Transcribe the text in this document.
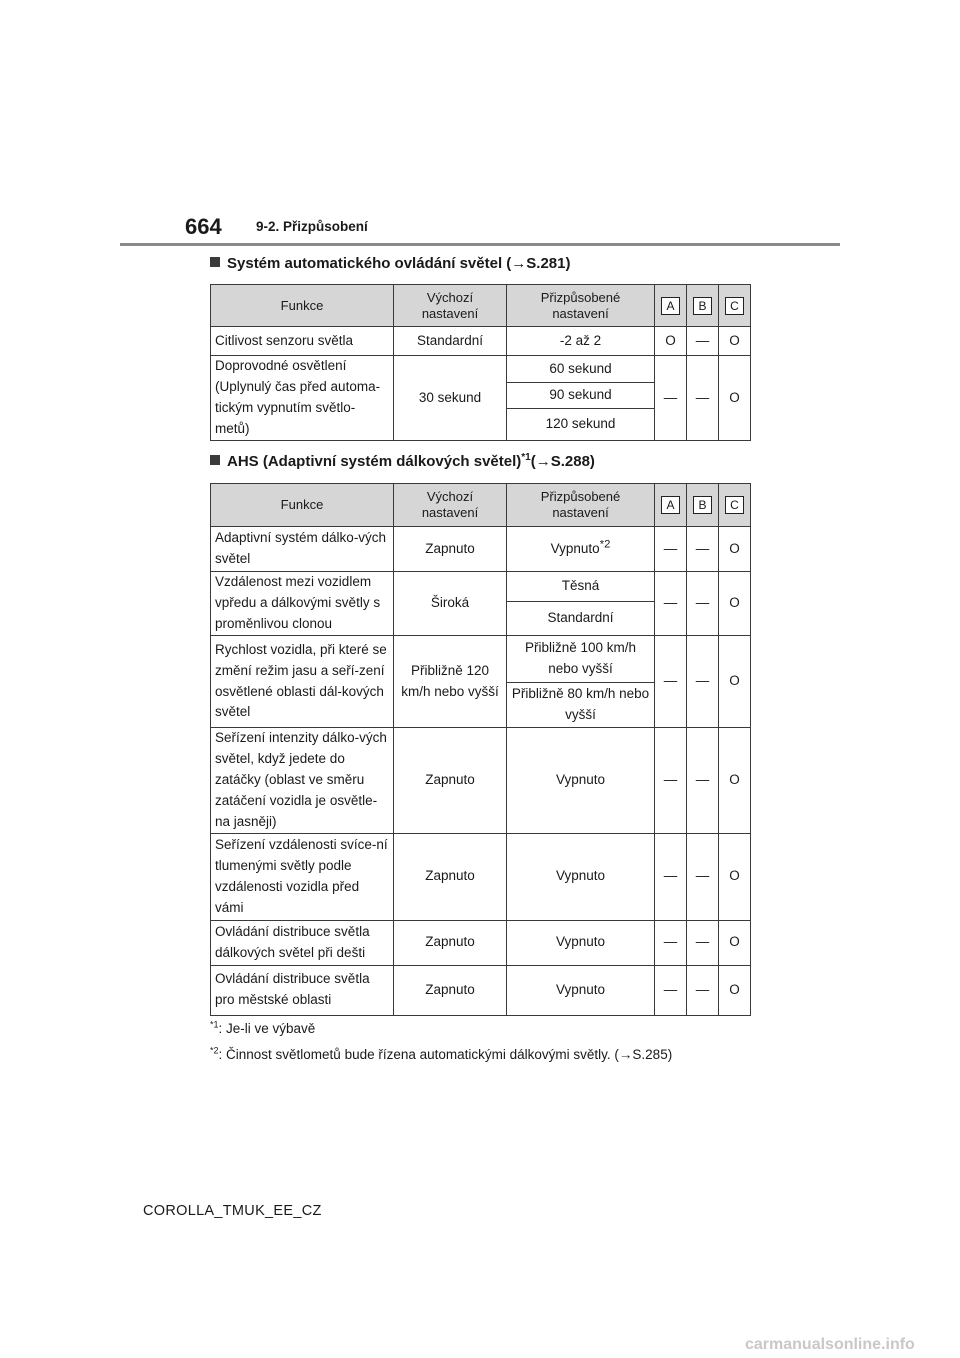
664	9-2. Přizpůsobení
Systém automatického ovládání světel (→S.281)
Funkce	Výchozí nastavení	Přizpůsobené nastavení	A	B	C
Citlivost senzoru světla	Standardní	-2 až 2	O	—	O
Doprovodné osvětlení (Uplynulý čas před automa-tickým vypnutím světlo-metů)	30 sekund	60 sekund	—	—	O
		90 sekund			
		120 sekund			
AHS (Adaptivní systém dálkových světel)$^{*1}$(→S.288)
Funkce	Výchozí nastavení	Přizpůsobené nastavení	A	B	C
Adaptivní systém dálko-vých světel	Zapnuto	Vypnuto$^{*2}$	—	—	O
Vzdálenost mezi vozidlem vpředu a dálkovými světly s proměnlivou clonou	Široká	Těsná	—	—	O
		Standardní			
Rychlost vozidla, při které se změní režim jasu a seří-zení osvětlené oblasti dál-kových světel	Přibližně 120 km/h nebo vyšší	Přibližně 100 km/h nebo vyšší	—	—	O
		Přibližně 80 km/h nebo vyšší			
Seřízení intenzity dálko-vých světel, když jedete do zatáčky (oblast ve směru zatáčení vozidla je osvětle-na jasněji)	Zapnuto	Vypnuto	—	—	O
Seřízení vzdálenosti svíce-ní tlumenými světly podle vzdálenosti vozidla před vámi	Zapnuto	Vypnuto	—	—	O
Ovládání distribuce světla dálkových světel při dešti	Zapnuto	Vypnuto	—	—	O
Ovládání distribuce světla pro městské oblasti	Zapnuto	Vypnuto	—	—	O
$^{*1}$: Je-li ve výbavě
$^{*2}$: Činnost světlometů bude řízena automatickými dálkovými světly. (→S.285)
COROLLA_TMUK_EE_CZ
carmanualsonline.info
